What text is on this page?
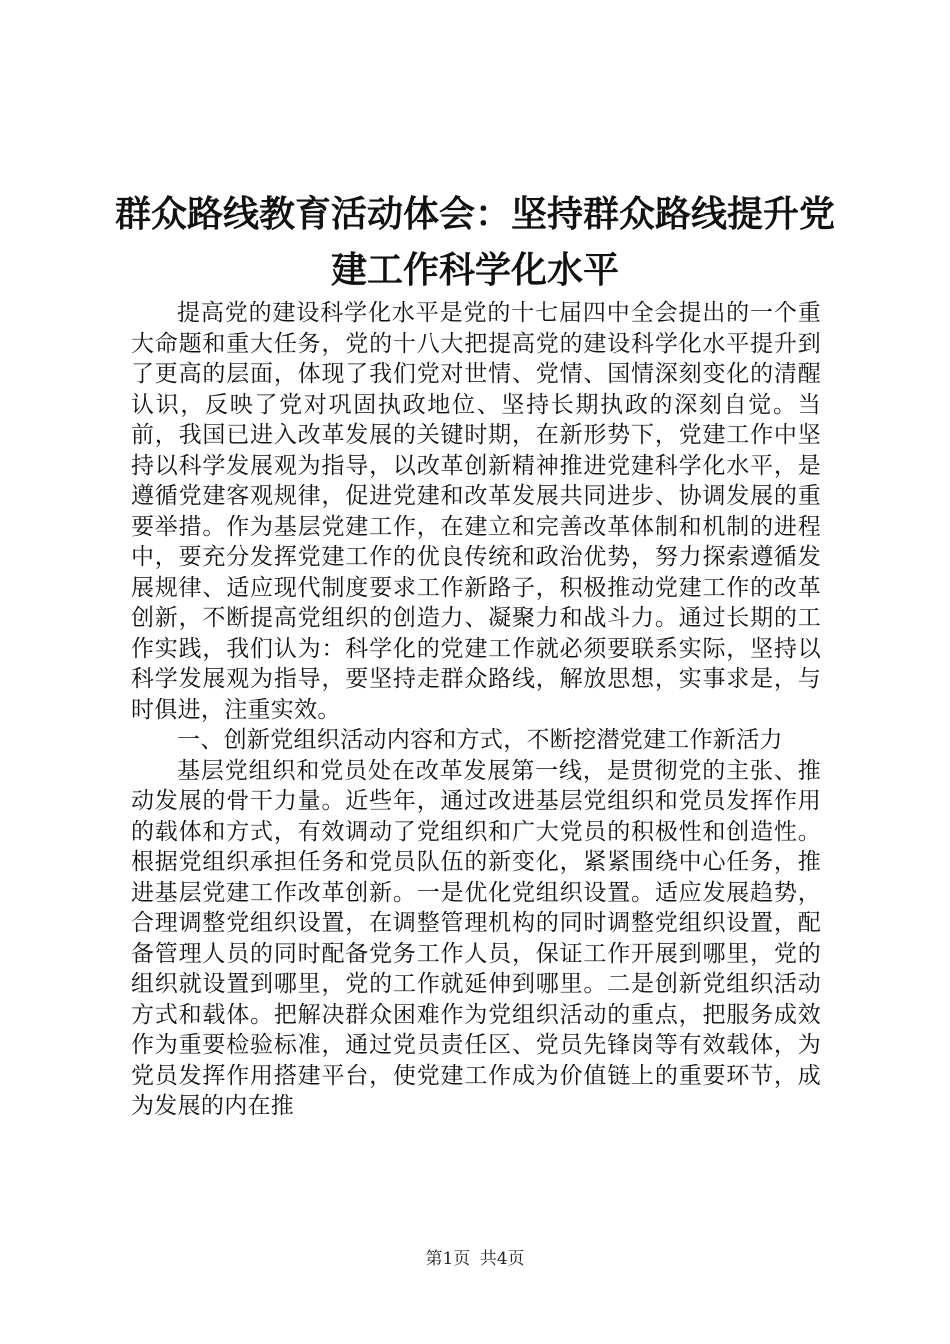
群众路线教育活动体会：坚持群众路线提升党
建工作科学化水平

提高党的建设科学化水平是党的十七届四中全会提出的一个重大命题和重大任务，党的十八大把提高党的建设科学化水平提升到了更高的层面，体现了我们党对世情、党情、国情深刻变化的清醒认识，反映了党对巩固执政地位、坚持长期执政的深刻自觉。当前，我国已进入改革发展的关键时期，在新形势下，党建工作中坚持以科学发展观为指导，以改革创新精神推进党建科学化水平，是遵循党建客观规律，促进党建和改革发展共同进步、协调发展的重要举措。作为基层党建工作，在建立和完善改革体制和机制的进程中，要充分发挥党建工作的优良传统和政治优势，努力探索遵循发展规律、适应现代制度要求工作新路子，积极推动党建工作的改革创新，不断提高党组织的创造力、凝聚力和战斗力。通过长期的工作实践，我们认为：科学化的党建工作就必须要联系实际，坚持以科学发展观为指导，要坚持走群众路线，解放思想，实事求是，与时俱进，注重实效。

一、创新党组织活动内容和方式，不断挖潜党建工作新活力

基层党组织和党员处在改革发展第一线，是贯彻党的主张、推动发展的骨干力量。近些年，通过改进基层党组织和党员发挥作用的载体和方式，有效调动了党组织和广大党员的积极性和创造性。根据党组织承担任务和党员队伍的新变化，紧紧围绕中心任务，推进基层党建工作改革创新。一是优化党组织设置。适应发展趋势，合理调整党组织设置，在调整管理机构的同时调整党组织设置，配备管理人员的同时配备党务工作人员，保证工作开展到哪里，党的组织就设置到哪里，党的工作就延伸到哪里。二是创新党组织活动方式和载体。把解决群众困难作为党组织活动的重点，把服务成效作为重要检验标准，通过党员责任区、党员先锋岗等有效载体，为党员发挥作用搭建平台，使党建工作成为价值链上的重要环节，成为发展的内在推

第1页 共4页
